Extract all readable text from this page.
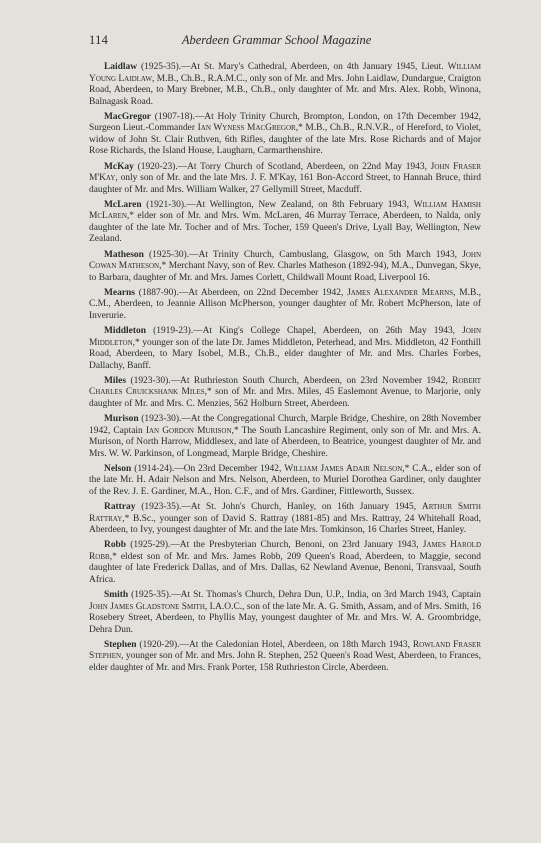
114	Aberdeen Grammar School Magazine

Laidlaw (1925-35).—At St. Mary's Cathedral, Aberdeen, on 4th January 1945, Lieut. William Young Laidlaw, M.B., Ch.B., R.A.M.C., only son of Mr. and Mrs. John Laidlaw, Dundargue, Craigton Road, Aberdeen, to Mary Brebner, M.B., Ch.B., only daughter of Mr. and Mrs. Alex. Robb, Winona, Balnagask Road.

MacGregor (1907-18).—At Holy Trinity Church, Brompton, London, on 17th December 1942, Surgeon Lieut.-Commander Ian Wyness MacGregor,* M.B., Ch.B., R.N.V.R., of Hereford, to Violet, widow of John St. Clair Ruthven, 6th Rifles, daughter of the late Mrs. Rose Richards and of Major Rose Richards, the Island House, Laugharn, Carmarthenshire.

McKay (1920-23).—At Torry Church of Scotland, Aberdeen, on 22nd May 1943, John Fraser M'Kay, only son of Mr. and the late Mrs. J. F. M'Kay, 161 Bon-Accord Street, to Hannah Bruce, third daughter of Mr. and Mrs. William Walker, 27 Gellymill Street, Macduff.

McLaren (1921-30).—At Wellington, New Zealand, on 8th February 1943, William Hamish McLaren,* elder son of Mr. and Mrs. Wm. McLaren, 46 Murray Terrace, Aberdeen, to Nalda, only daughter of the late Mr. Tocher and of Mrs. Tocher, 159 Queen's Drive, Lyall Bay, Wellington, New Zealand.

Matheson (1925-30).—At Trinity Church, Cambuslang, Glasgow, on 5th March 1943, John Cowan Matheson,* Merchant Navy, son of Rev. Charles Matheson (1892-94), M.A., Dunvegan, Skye, to Barbara, daughter of Mr. and Mrs. James Corlett, Childwall Mount Road, Liverpool 16.

Mearns (1887-90).—At Aberdeen, on 22nd December 1942, James Alexander Mearns, M.B., C.M., Aberdeen, to Jeannie Allison McPherson, younger daughter of Mr. Robert McPherson, late of Inverurie.

Middleton (1919-23).—At King's College Chapel, Aberdeen, on 26th May 1943, John Middleton,* younger son of the late Dr. James Middleton, Peterhead, and Mrs. Middleton, 42 Fonthill Road, Aberdeen, to Mary Isobel, M.B., Ch.B., elder daughter of Mr. and Mrs. Charles Forbes, Dallachy, Banff.

Miles (1923-30).—At Ruthrieston South Church, Aberdeen, on 23rd November 1942, Robert Charles Cruickshank Miles,* son of Mr. and Mrs. Miles, 45 Easlemont Avenue, to Marjorie, only daughter of Mr. and Mrs. C. Menzies, 562 Holburn Street, Aberdeen.

Murison (1923-30).—At the Congregational Church, Marple Bridge, Cheshire, on 28th November 1942, Captain Ian Gordon Murison,* The South Lancashire Regiment, only son of Mr. and Mrs. A. Murison, of North Harrow, Middlesex, and late of Aberdeen, to Beatrice, youngest daughter of Mr. and Mrs. W. W. Parkinson, of Longmead, Marple Bridge, Cheshire.

Nelson (1914-24).—On 23rd December 1942, William James Adair Nelson,* C.A., elder son of the late Mr. H. Adair Nelson and Mrs. Nelson, Aberdeen, to Muriel Dorothea Gardiner, only daughter of the Rev. J. E. Gardiner, M.A., Hon. C.F., and of Mrs. Gardiner, Fittleworth, Sussex.

Rattray (1923-35).—At St. John's Church, Hanley, on 16th January 1945, Arthur Smith Rattray,* B.Sc., younger son of David S. Rattray (1881-85) and Mrs. Rattray, 24 Whitehall Road, Aberdeen, to Ivy, youngest daughter of Mr. and the late Mrs. Tomkinson, 16 Charles Street, Hanley.

Robb (1925-29).—At the Presbyterian Church, Benoni, on 23rd January 1943, James Harold Robb,* eldest son of Mr. and Mrs. James Robb, 209 Queen's Road, Aberdeen, to Maggie, second daughter of late Frederick Dallas, and of Mrs. Dallas, 62 Newland Avenue, Benoni, Transvaal, South Africa.

Smith (1925-35).—At St. Thomas's Church, Dehra Dun, U.P., India, on 3rd March 1943, Captain John James Gladstone Smith, I.A.O.C., son of the late Mr. A. G. Smith, Assam, and of Mrs. Smith, 16 Rosebery Street, Aberdeen, to Phyllis May, youngest daughter of Mr. and Mrs. W. A. Groombridge, Dehra Dun.

Stephen (1920-29).—At the Caledonian Hotel, Aberdeen, on 18th March 1943, Rowland Fraser Stephen, younger son of Mr. and Mrs. John R. Stephen, 252 Queen's Road West, Aberdeen, to Frances, elder daughter of Mr. and Mrs. Frank Porter, 158 Ruthrieston Circle, Aberdeen.
